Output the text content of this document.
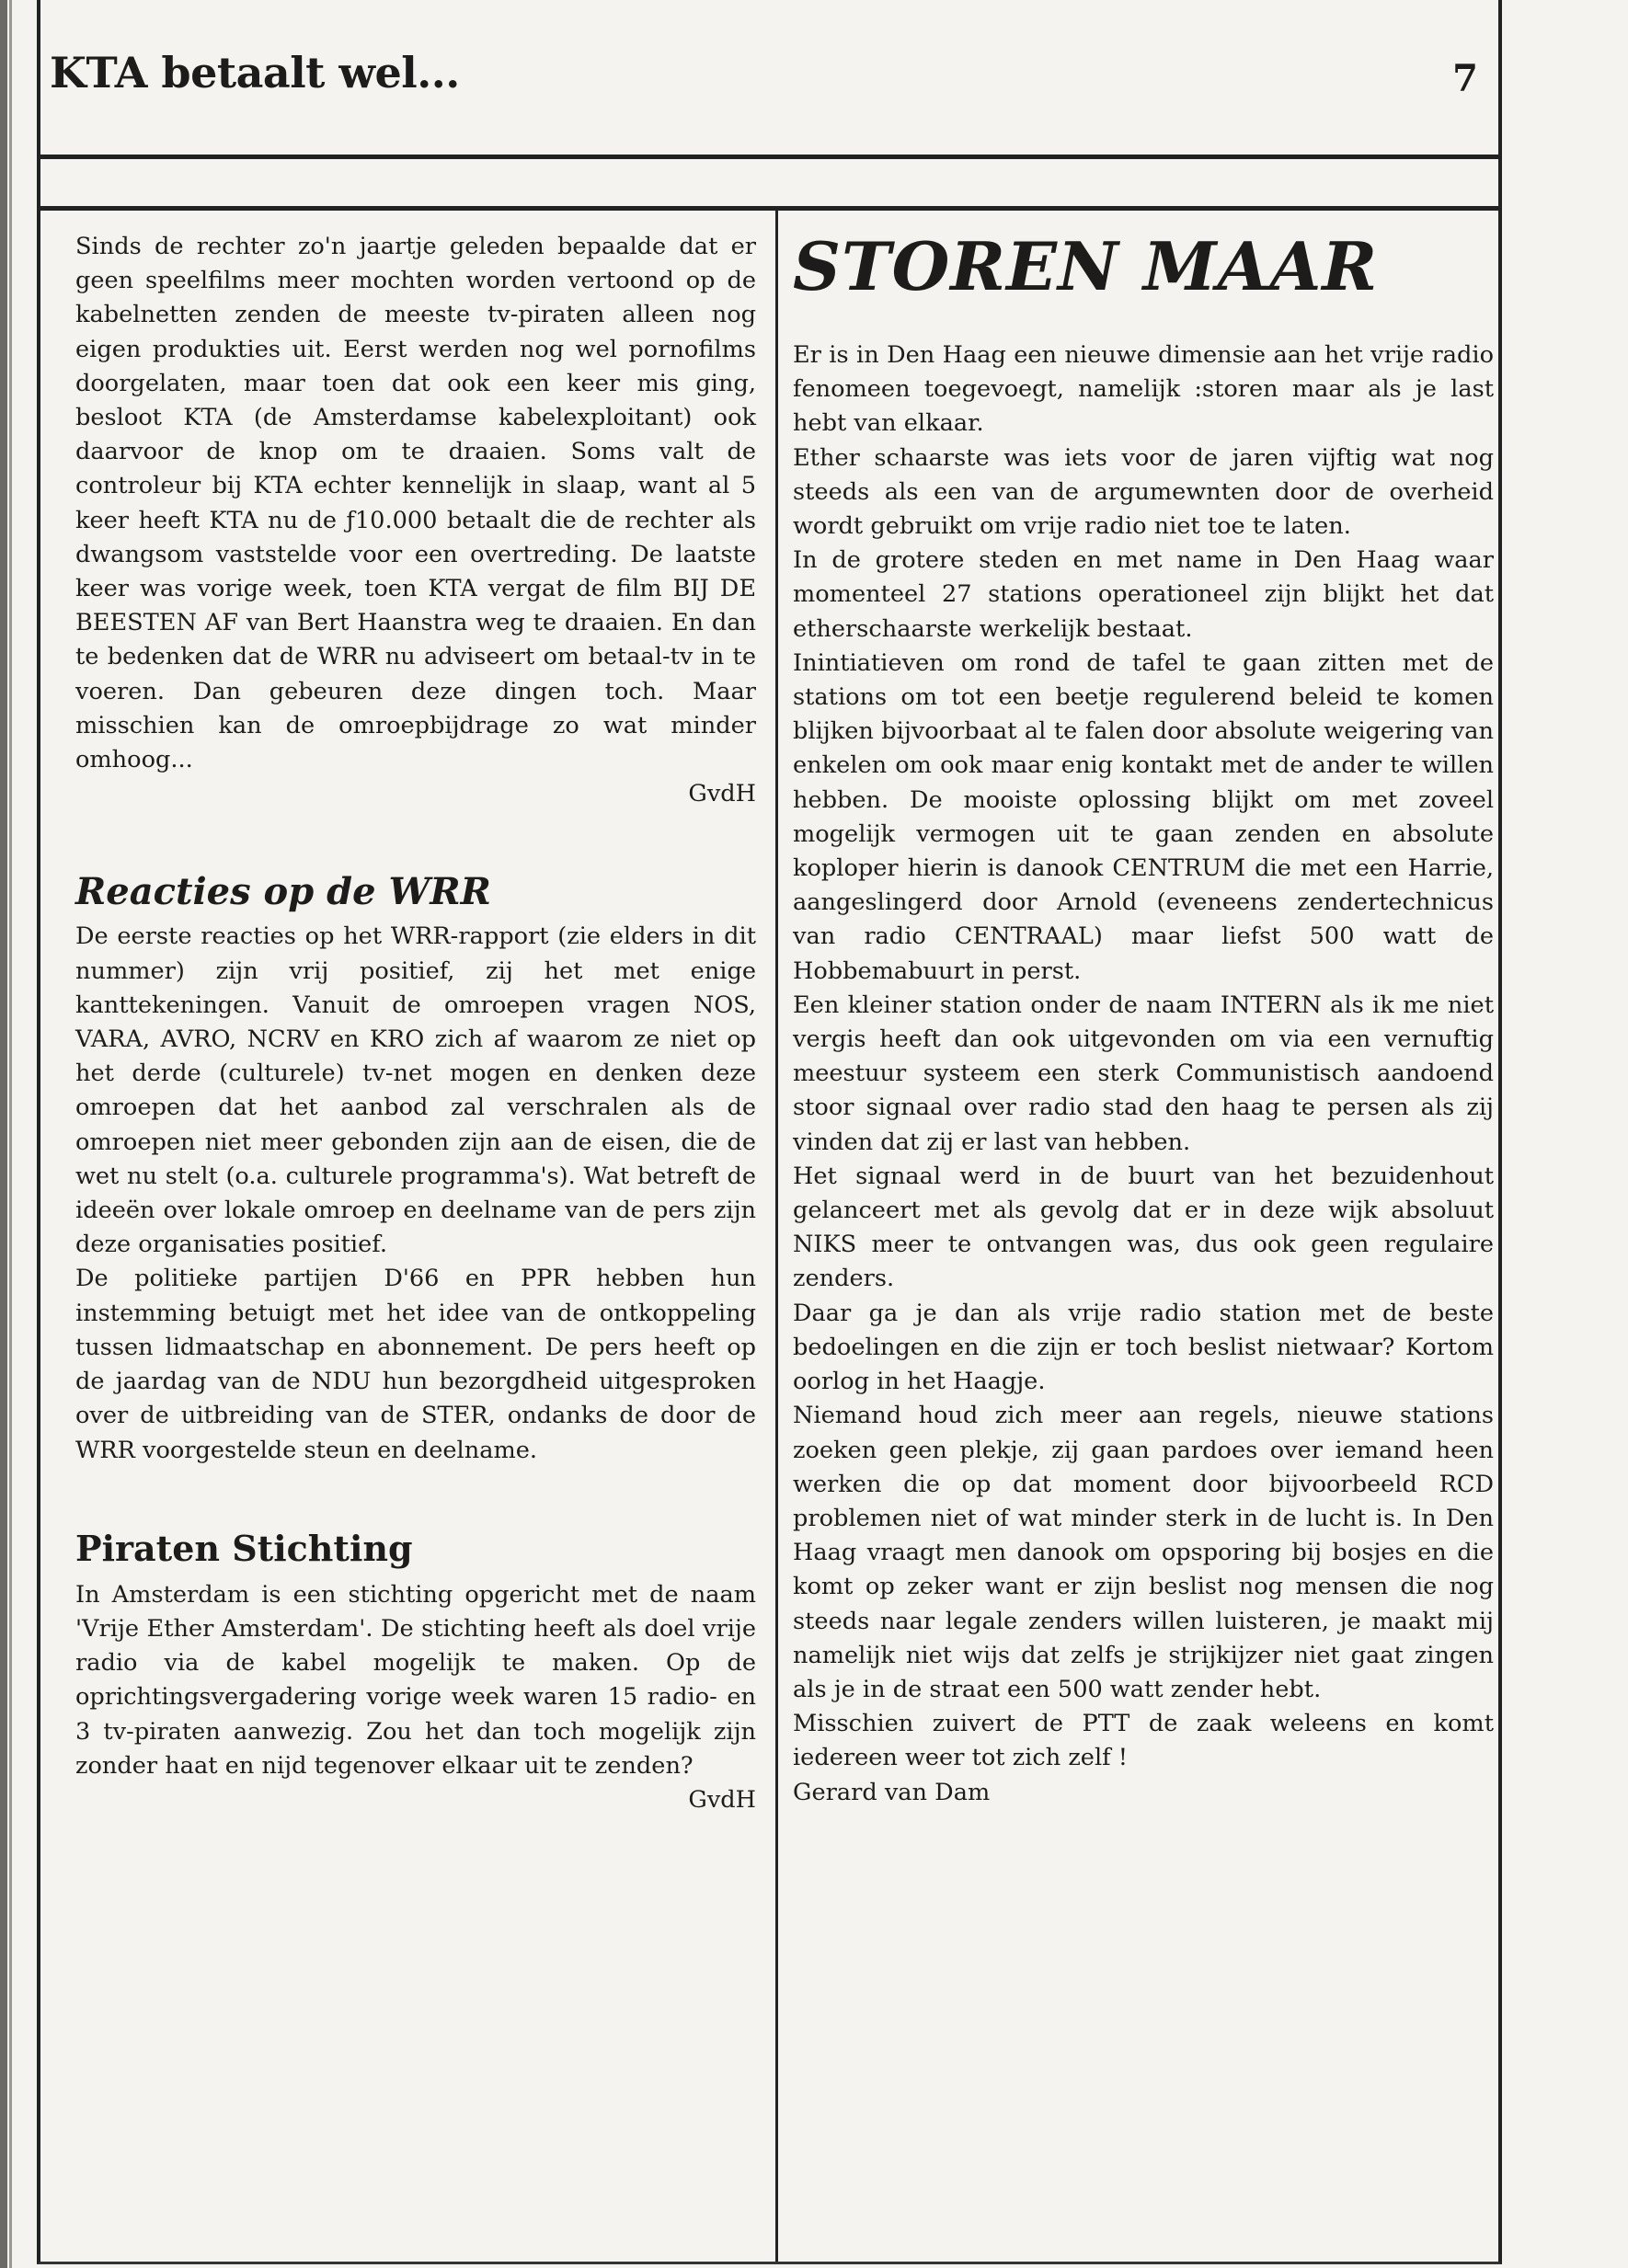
KTA betaalt wel...	7

Sinds de rechter zo'n jaartje geleden bepaalde dat er geen speelfilms meer mochten worden vertoond op de kabelnetten zenden de meeste tv-piraten alleen nog eigen produkties uit. Eerst werden nog wel pornofilms doorgelaten, maar toen dat ook een keer mis ging, besloot KTA (de Amsterdamse kabelexploitant) ook daarvoor de knop om te draaien. Soms valt de controleur bij KTA echter kennelijk in slaap, want al 5 keer heeft KTA nu de ƒ10.000 betaalt die de rechter als dwangsom vaststelde voor een overtreding. De laatste keer was vorige week, toen KTA vergat de film BIJ DE BEESTEN AF van Bert Haanstra weg te draaien. En dan te bedenken dat de WRR nu adviseert om betaal-tv in te voeren. Dan gebeuren deze dingen toch. Maar misschien kan de omroepbijdrage zo wat minder omhoog...

GvdH

Reacties op de WRR

De eerste reacties op het WRR-rapport (zie elders in dit nummer) zijn vrij positief, zij het met enige kanttekeningen. Vanuit de omroepen vragen NOS, VARA, AVRO, NCRV en KRO zich af waarom ze niet op het derde (culturele) tv-net mogen en denken deze omroepen dat het aanbod zal verschralen als de omroepen niet meer gebonden zijn aan de eisen, die de wet nu stelt (o.a. culturele programma's). Wat betreft de ideeën over lokale omroep en deelname van de pers zijn deze organisaties positief.

De politieke partijen D'66 en PPR hebben hun instemming betuigt met het idee van de ontkoppeling tussen lidmaatschap en abonnement. De pers heeft op de jaardag van de NDU hun bezorgdheid uitgesproken over de uitbreiding van de STER, ondanks de door de WRR voorgestelde steun en deelname.

Piraten Stichting

In Amsterdam is een stichting opgericht met de naam 'Vrije Ether Amsterdam'. De stichting heeft als doel vrije radio via de kabel mogelijk te maken. Op de oprichtingsvergadering vorige week waren 15 radio- en 3 tv-piraten aanwezig. Zou het dan toch mogelijk zijn zonder haat en nijd tegenover elkaar uit te zenden?

GvdH

STOREN MAAR

Er is in Den Haag een nieuwe dimensie aan het vrije radio fenomeen toegevoegt, namelijk :storen maar als je last hebt van elkaar.

Ether schaarste was iets voor de jaren vijftig wat nog steeds als een van de argumewnten door de overheid wordt gebruikt om vrije radio niet toe te laten.

In de grotere steden en met name in Den Haag waar momenteel 27 stations operationeel zijn blijkt het dat etherschaarste werkelijk bestaat.

Inintiatieven om rond de tafel te gaan zitten met de stations om tot een beetje regulerend beleid te komen blijken bijvoorbaat al te falen door absolute weigering van enkelen om ook maar enig kontakt met de ander te willen hebben. De mooiste oplossing blijkt om met zoveel mogelijk vermogen uit te gaan zenden en absolute koploper hierin is danook CENTRUM die met een Harrie, aangeslingerd door Arnold (eveneens zendertechnicus van radio CENTRAAL) maar liefst 500 watt de Hobbemabuurt in perst.

Een kleiner station onder de naam INTERN als ik me niet vergis heeft dan ook uitgevonden om via een vernuftig meestuur systeem een sterk Communistisch aandoend stoor signaal over radio stad den haag te persen als zij vinden dat zij er last van hebben.

Het signaal werd in de buurt van het bezuidenhout gelanceert met als gevolg dat er in deze wijk absoluut NIKS meer te ontvangen was, dus ook geen regulaire zenders.

Daar ga je dan als vrije radio station met de beste bedoelingen en die zijn er toch beslist nietwaar? Kortom oorlog in het Haagje.

Niemand houd zich meer aan regels, nieuwe stations zoeken geen plekje, zij gaan pardoes over iemand heen werken die op dat moment door bijvoorbeeld RCD problemen niet of wat minder sterk in de lucht is. In Den Haag vraagt men danook om opsporing bij bosjes en die komt op zeker want er zijn beslist nog mensen die nog steeds naar legale zenders willen luisteren, je maakt mij namelijk niet wijs dat zelfs je strijkijzer niet gaat zingen als je in de straat een 500 watt zender hebt.

Misschien zuivert de PTT de zaak weleens en komt iedereen weer tot zich zelf !

Gerard van Dam
